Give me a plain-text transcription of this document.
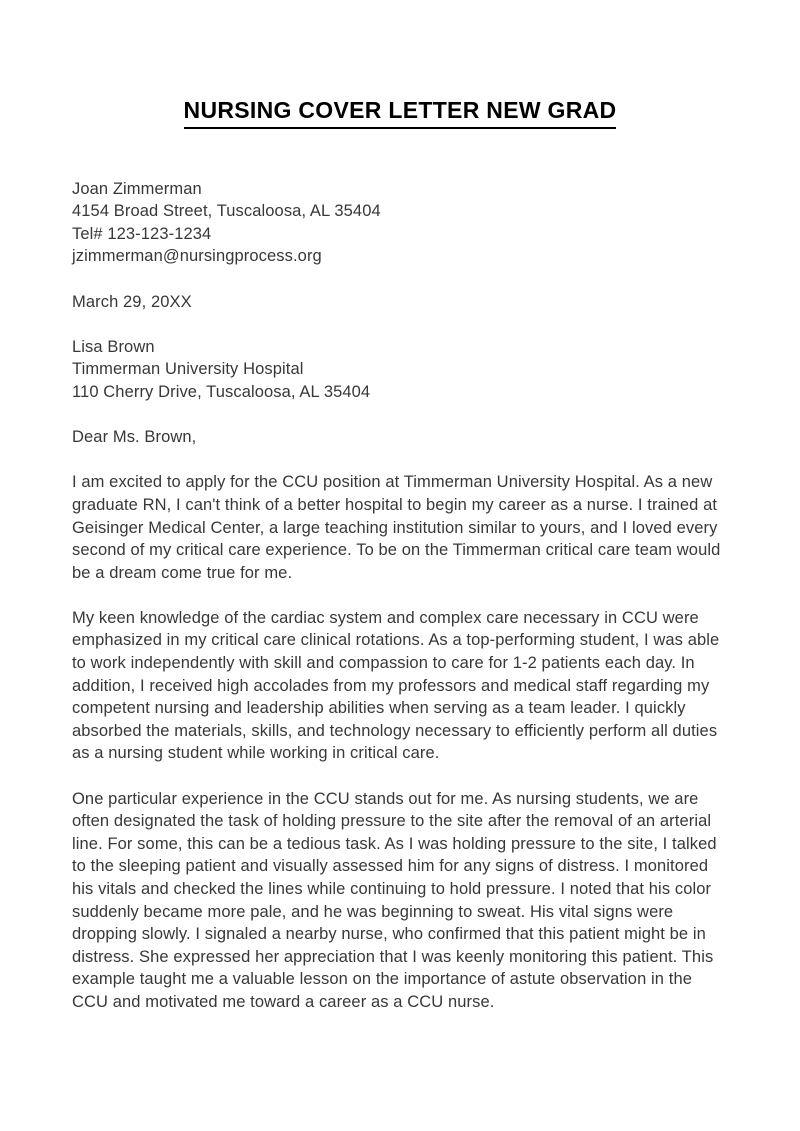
NURSING COVER LETTER NEW GRAD
Joan Zimmerman
4154 Broad Street, Tuscaloosa, AL 35404
Tel# 123-123-1234
jzimmerman@nursingprocess.org
March 29, 20XX
Lisa Brown
Timmerman University Hospital
110 Cherry Drive, Tuscaloosa, AL 35404
Dear Ms. Brown,

I am excited to apply for the CCU position at Timmerman University Hospital. As a new graduate RN, I can't think of a better hospital to begin my career as a nurse. I trained at Geisinger Medical Center, a large teaching institution similar to yours, and I loved every second of my critical care experience. To be on the Timmerman critical care team would be a dream come true for me.

My keen knowledge of the cardiac system and complex care necessary in CCU were emphasized in my critical care clinical rotations. As a top-performing student, I was able to work independently with skill and compassion to care for 1-2 patients each day. In addition, I received high accolades from my professors and medical staff regarding my competent nursing and leadership abilities when serving as a team leader. I quickly absorbed the materials, skills, and technology necessary to efficiently perform all duties as a nursing student while working in critical care.

One particular experience in the CCU stands out for me. As nursing students, we are often designated the task of holding pressure to the site after the removal of an arterial line. For some, this can be a tedious task. As I was holding pressure to the site, I talked to the sleeping patient and visually assessed him for any signs of distress. I monitored his vitals and checked the lines while continuing to hold pressure. I noted that his color suddenly became more pale, and he was beginning to sweat. His vital signs were dropping slowly. I signaled a nearby nurse, who confirmed that this patient might be in distress. She expressed her appreciation that I was keenly monitoring this patient. This example taught me a valuable lesson on the importance of astute observation in the CCU and motivated me toward a career as a CCU nurse.
